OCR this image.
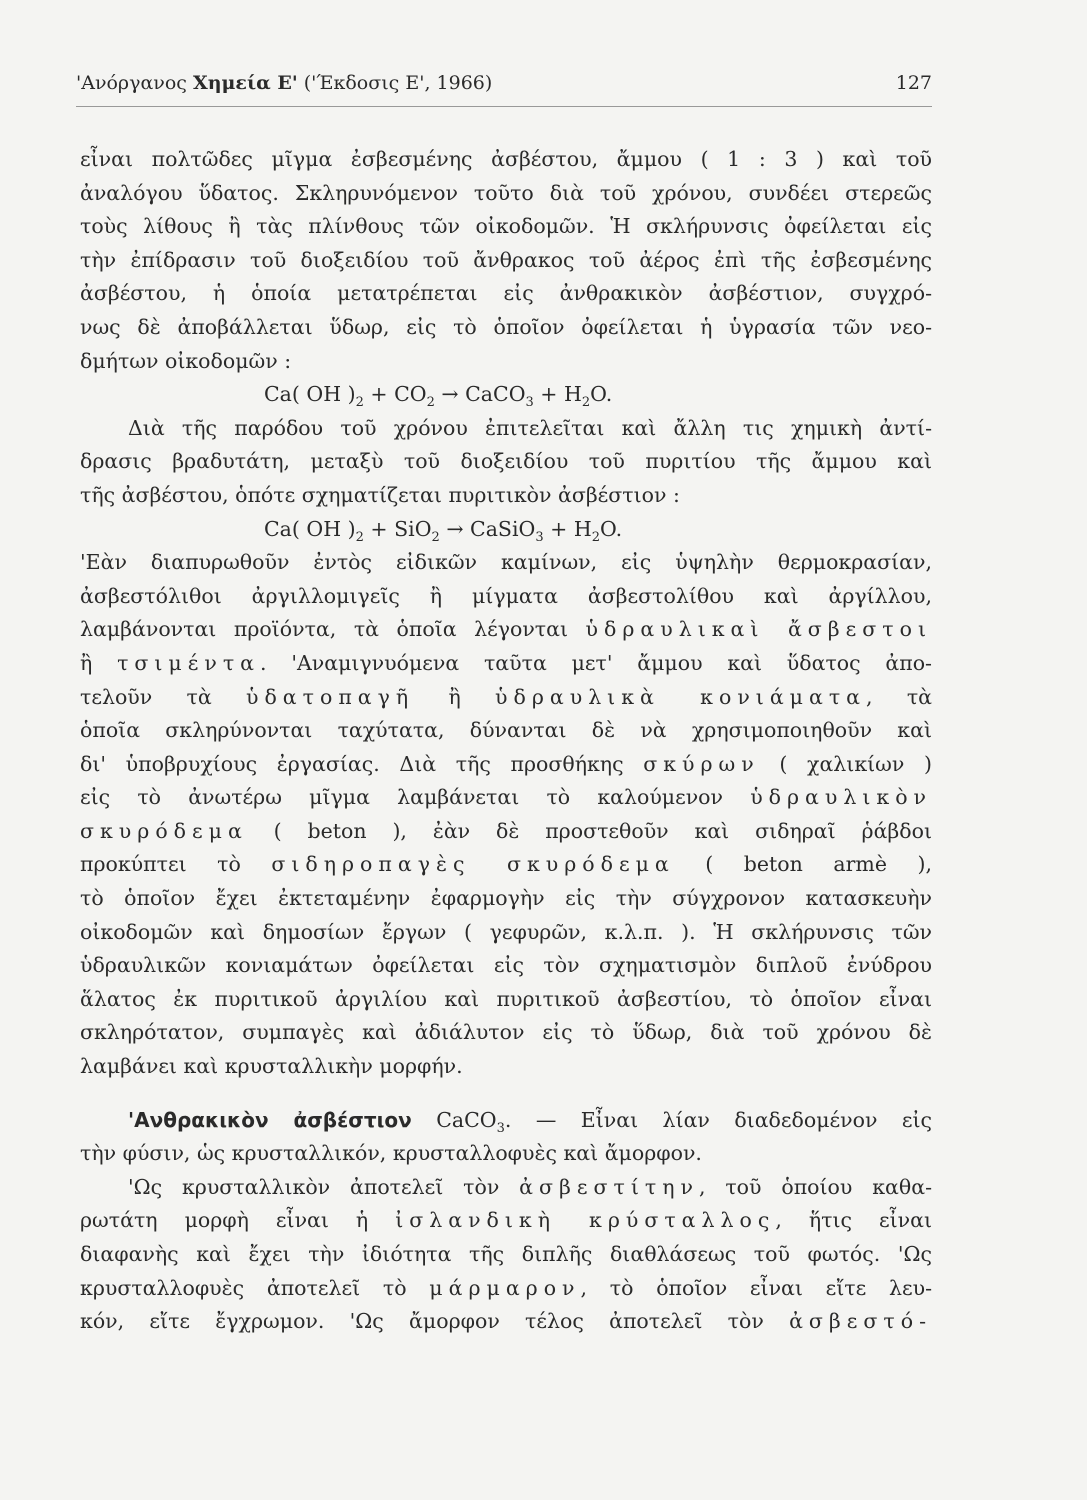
'Ανόργανος Χημεία Ε' ('Έκδοσις Ε', 1966)	127
εἶναι πολτῶδες μῖγμα ἐσβεσμένης ἀσβέστου, ἄμμου ( 1 : 3 ) καὶ τοῦ
ἀναλόγου ὕδατος. Σκληρυνόμενον τοῦτο διὰ τοῦ χρόνου, συνδέει στερεῶς
τοὺς λίθους ἢ τὰς πλίνθους τῶν οἰκοδομῶν. Ἡ σκλήρυνσις ὀφείλεται εἰς
τὴν ἐπίδρασιν τοῦ διοξειδίου τοῦ ἄνθρακος τοῦ ἀέρος ἐπὶ τῆς ἐσβεσμένης
ἀσβέστου, ἡ ὁποία μετατρέπεται εἰς ἀνθρακικὸν ἀσβέστιον, συγχρό-
νως δὲ ἀποβάλλεται ὕδωρ, εἰς τὸ ὁποῖον ὀφείλεται ἡ ὑγρασία τῶν νεο-
δμήτων οἰκοδομῶν :
Ca( OH )$_2 + CO_2$ → CaCO$_3$ + $H_2O$.
Διὰ τῆς παρόδου τοῦ χρόνου ἐπιτελεῖται καὶ ἄλλη τις χημικὴ ἀντί-
δρασις βραδυτάτη, μεταξὺ τοῦ διοξειδίου τοῦ πυριτίου τῆς ἄμμου καὶ
τῆς ἀσβέστου, ὁπότε σχηματίζεται πυριτικὸν ἀσβέστιον :
Ca( OH )$_2 + SiO_2$ → CaSiO$_3$ + $H_2O$.
'Εὰν διαπυρωθοῦν ἐντὸς εἰδικῶν καμίνων, εἰς ὑψηλὴν θερμοκρασίαν,
ἀσβεστόλιθοι ἀργιλλομιγεῖς ἢ μίγματα ἀσβεστολίθου καὶ ἀργίλλου,
λαμβάνονται προϊόντα, τὰ ὁποῖα λέγονται ὑδραυλικαὶ ἄσβεστοι
ἢ τσιμέντα. 'Αναμιγνυόμενα ταῦτα μετ' ἄμμου καὶ ὕδατος ἀπο-
τελοῦν τὰ ὑδατοπαγῆ ἢ ὑδραυλικὰ κονιάματα, τὰ
ὁποῖα σκληρύνονται ταχύτατα, δύνανται δὲ νὰ χρησιμοποιηθοῦν καὶ
δι' ὑποβρυχίους ἐργασίας. Διὰ τῆς προσθήκης σκύρων ( χαλικίων )
εἰς τὸ ἀνωτέρω μῖγμα λαμβάνεται τὸ καλούμενον ὑδραυλικὸν
σκυρόδεμα ( beton ), ἐὰν δὲ προστεθοῦν καὶ σιδηραῖ ῥάβδοι
προκύπτει τὸ σιδηροπαγὲς σκυρόδεμα ( beton armè ),
τὸ ὁποῖον ἔχει ἐκτεταμένην ἐφαρμογὴν εἰς τὴν σύγχρονον κατασκευὴν
οἰκοδομῶν καὶ δημοσίων ἔργων ( γεφυρῶν, κ.λ.π. ). Ἡ σκλήρυνσις τῶν
ὑδραυλικῶν κονιαμάτων ὀφείλεται εἰς τὸν σχηματισμὸν διπλοῦ ἐνύδρου
ἅλατος ἐκ πυριτικοῦ ἀργιλίου καὶ πυριτικοῦ ἀσβεστίου, τὸ ὁποῖον εἶναι
σκληρότατον, συμπαγὲς καὶ ἀδιάλυτον εἰς τὸ ὕδωρ, διὰ τοῦ χρόνου δὲ
λαμβάνει καὶ κρυσταλλικὴν μορφήν.
'Ανθρακικὸν ἀσβέστιον CaCO$_3$. — Εἶναι λίαν διαδεδομένον εἰς
τὴν φύσιν, ὡς κρυσταλλικόν, κρυσταλλοφυὲς καὶ ἄμορφον.
'Ως κρυσταλλικὸν ἀποτελεῖ τὸν ἀσβεστίτην, τοῦ ὁποίου καθα-
ρωτάτη μορφὴ εἶναι ἡ ἰσλανδικὴ κρύσταλλος, ἥτις εἶναι
διαφανὴς καὶ ἔχει τὴν ἰδιότητα τῆς διπλῆς διαθλάσεως τοῦ φωτός. 'Ως
κρυσταλλοφυὲς ἀποτελεῖ τὸ μάρμαρον, τὸ ὁποῖον εἶναι εἴτε λευ-
κόν, εἴτε ἔγχρωμον. 'Ως ἄμορφον τέλος ἀποτελεῖ τὸν ἀσβεστό-
